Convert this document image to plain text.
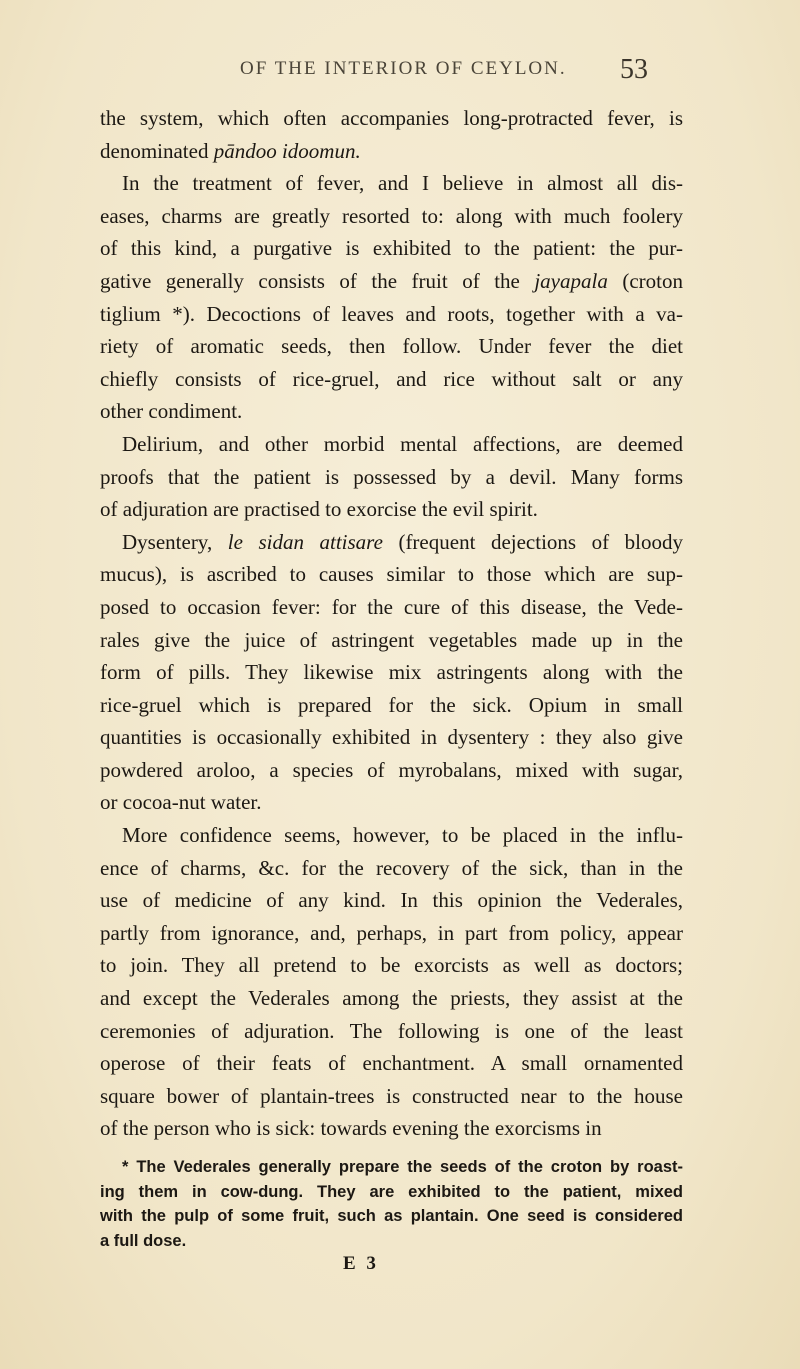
OF THE INTERIOR OF CEYLON. 53

the system, which often accompanies long-protracted fever, is

denominated pāndoo idoomun.

In the treatment of fever, and I believe in almost all dis-

eases, charms are greatly resorted to: along with much foolery

of this kind, a purgative is exhibited to the patient: the pur-

gative generally consists of the fruit of the jayapala (croton

tiglium *). Decoctions of leaves and roots, together with a va-

riety of aromatic seeds, then follow. Under fever the diet

chiefly consists of rice-gruel, and rice without salt or any

other condiment.

Delirium, and other morbid mental affections, are deemed

proofs that the patient is possessed by a devil. Many forms

of adjuration are practised to exorcise the evil spirit.

Dysentery, le sidan attisare (frequent dejections of bloody

mucus), is ascribed to causes similar to those which are sup-

posed to occasion fever: for the cure of this disease, the Vede-

rales give the juice of astringent vegetables made up in the

form of pills. They likewise mix astringents along with the

rice-gruel which is prepared for the sick. Opium in small

quantities is occasionally exhibited in dysentery : they also give

powdered aroloo, a species of myrobalans, mixed with sugar,

or cocoa-nut water.

More confidence seems, however, to be placed in the influ-

ence of charms, &c. for the recovery of the sick, than in the

use of medicine of any kind. In this opinion the Vederales,

partly from ignorance, and, perhaps, in part from policy, appear

to join. They all pretend to be exorcists as well as doctors;

and except the Vederales among the priests, they assist at the

ceremonies of adjuration. The following is one of the least

operose of their feats of enchantment. A small ornamented

square bower of plantain-trees is constructed near to the house

of the person who is sick: towards evening the exorcisms in

* The Vederales generally prepare the seeds of the croton by roast-

ing them in cow-dung. They are exhibited to the patient, mixed

with the pulp of some fruit, such as plantain. One seed is considered

a full dose.

E 3
